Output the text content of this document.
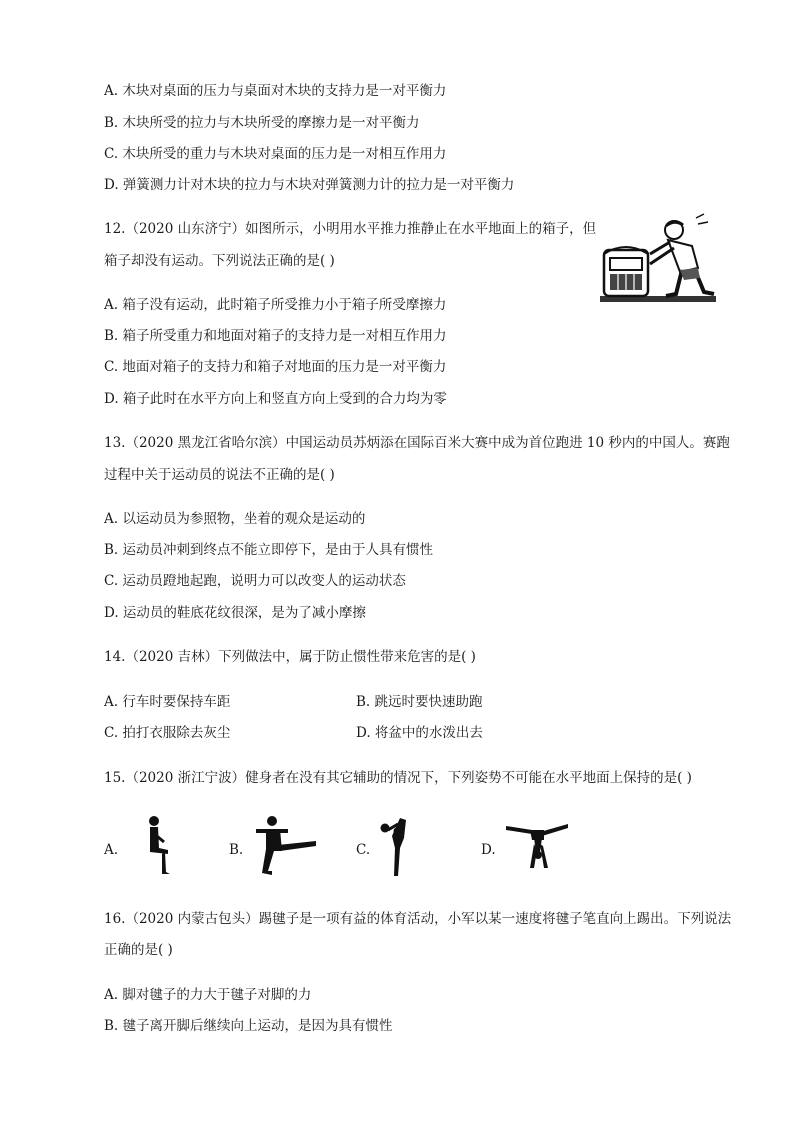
A. 木块对桌面的压力与桌面对木块的支持力是一对平衡力
B. 木块所受的拉力与木块所受的摩擦力是一对平衡力
C. 木块所受的重力与木块对桌面的压力是一对相互作用力
D. 弹簧测力计对木块的拉力与木块对弹簧测力计的拉力是一对平衡力
12.（2020 山东济宁）如图所示，小明用水平推力推静止在水平地面上的箱子，但
箱子却没有运动。下列说法正确的是( )
A. 箱子没有运动，此时箱子所受推力小于箱子所受摩擦力
B. 箱子所受重力和地面对箱子的支持力是一对相互作用力
C. 地面对箱子的支持力和箱子对地面的压力是一对平衡力
D. 箱子此时在水平方向上和竖直方向上受到的合力均为零
13.（2020 黑龙江省哈尔滨）中国运动员苏炳添在国际百米大赛中成为首位跑进 10 秒内的中国人。赛跑
过程中关于运动员的说法不正确的是( )
A. 以运动员为参照物，坐着的观众是运动的
B. 运动员冲刺到终点不能立即停下，是由于人具有惯性
C. 运动员蹬地起跑，说明力可以改变人的运动状态
D. 运动员的鞋底花纹很深，是为了减小摩擦
14.（2020 吉林）下列做法中，属于防止惯性带来危害的是( )
A. 行车时要保持车距	B. 跳远时要快速助跑
C. 拍打衣服除去灰尘	D. 将盆中的水泼出去
15.（2020 浙江宁波）健身者在没有其它辅助的情况下，下列姿势不可能在水平地面上保持的是( )
A.	B.	C.	D.
16.（2020 内蒙古包头）踢毽子是一项有益的体育活动，小军以某一速度将毽子笔直向上踢出。下列说法
正确的是( )
A. 脚对毽子的力大于毽子对脚的力
B. 毽子离开脚后继续向上运动，是因为具有惯性
